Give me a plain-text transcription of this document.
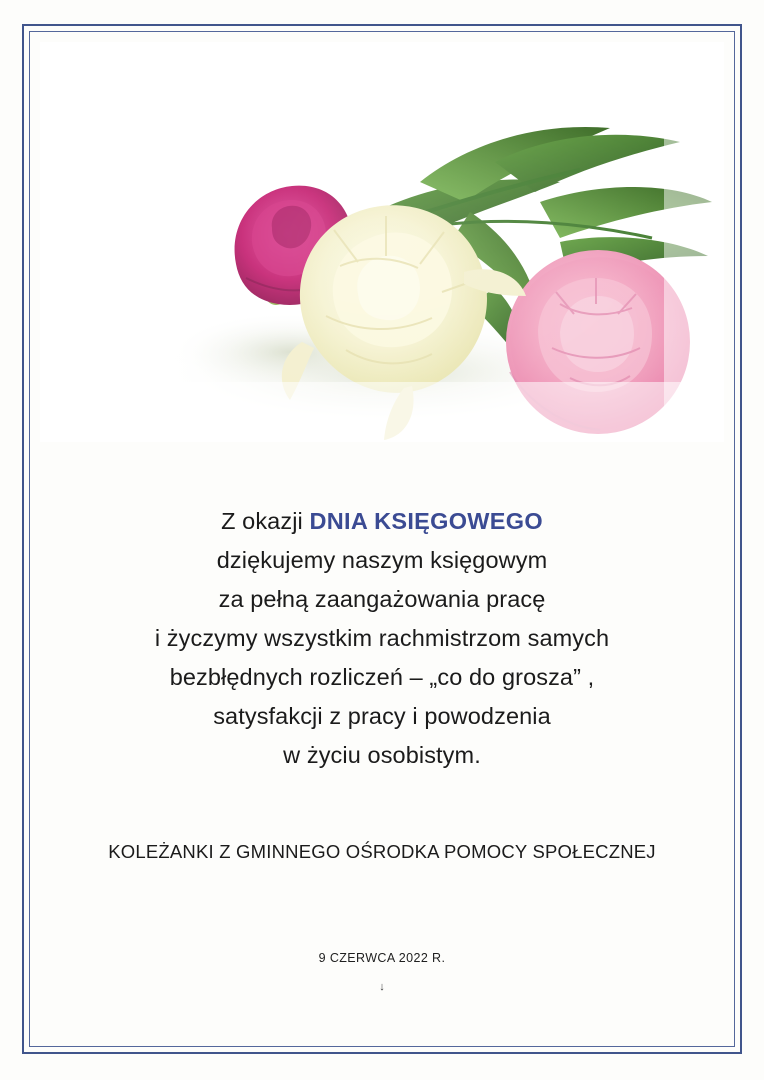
Z okazji DNIA KSIĘGOWEGO
dziękujemy naszym księgowym
za pełną zaangażowania pracę
i życzymy wszystkim rachmistrzom samych
bezbłędnych rozliczeń – „co do grosza” ,
satysfakcji z pracy i powodzenia
w życiu osobistym.
KOLEŻANKI Z GMINNEGO OŚRODKA POMOCY SPOŁECZNEJ
9 CZERWCA 2022 R.
↓
